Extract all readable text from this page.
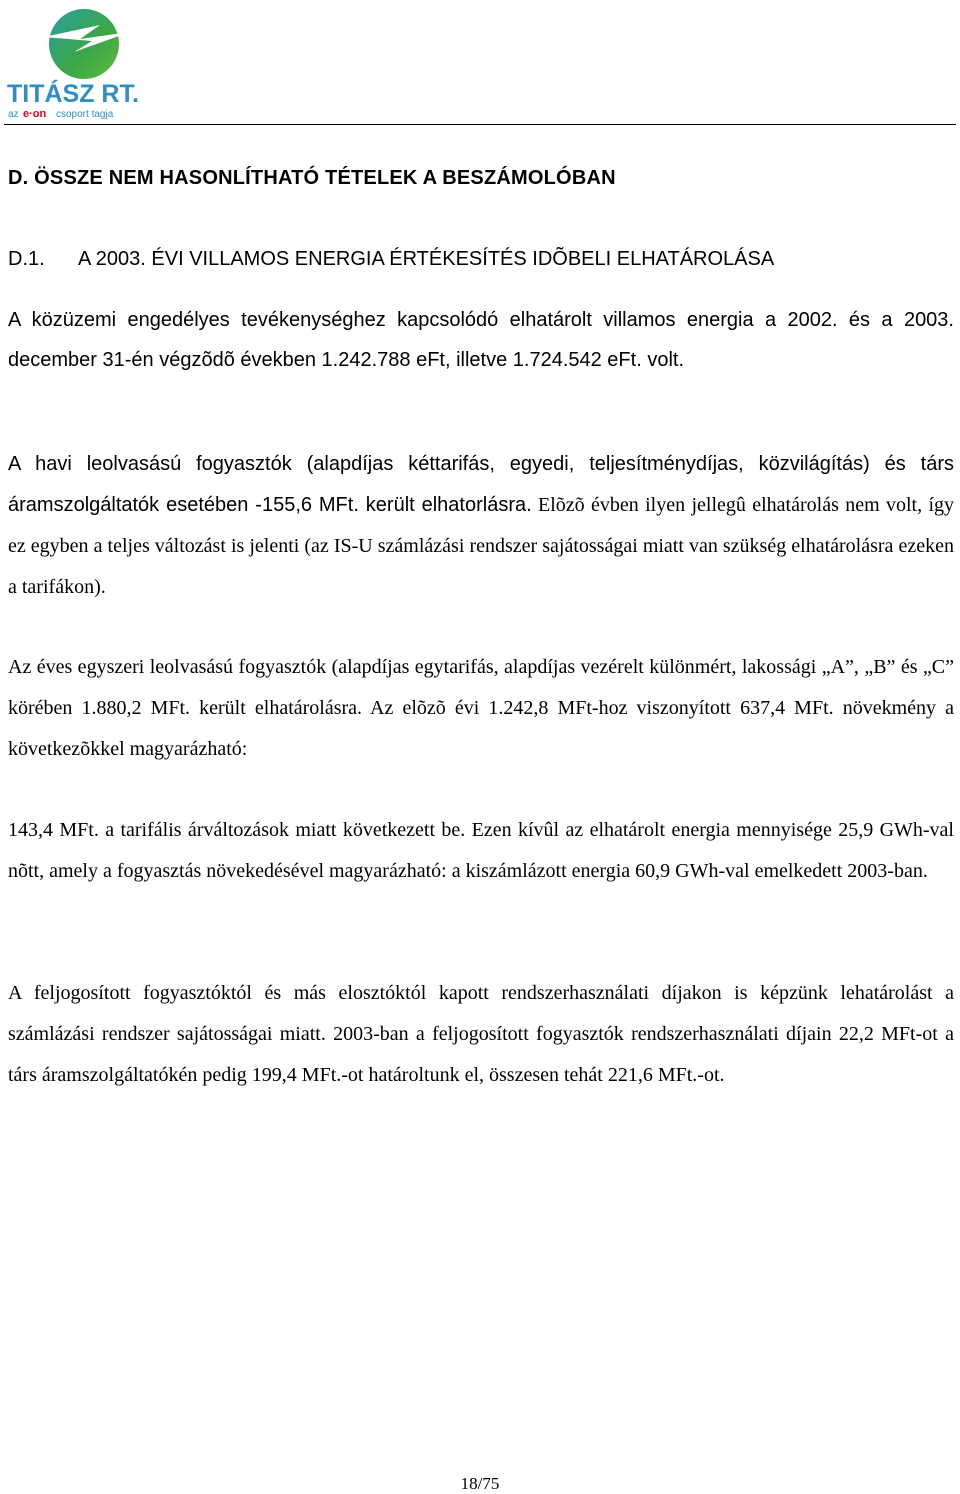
TITÁSZ RT.
az e·on csoport tagja
D. ÖSSZE NEM HASONLÍTHATÓ TÉTELEK A BESZÁMOLÓBAN
D.1. A 2003. ÉVI VILLAMOS ENERGIA ÉRTÉKESÍTÉS IDÕBELI ELHATÁROLÁSA

A közüzemi engedélyes tevékenységhez kapcsolódó elhatárolt villamos energia a 2002. és a 2003. december 31-én végzõdõ években 1.242.788 eFt, illetve 1.724.542 eFt. volt.

A havi leolvasású fogyasztók (alapdíjas kéttarifás, egyedi, teljesítménydíjas, közvilágítás) és társ áramszolgáltatók esetében -155,6 MFt. került elhatorlásra. Elõzõ évben ilyen jellegû elhatárolás nem volt, így ez egyben a teljes változást is jelenti (az IS-U számlázási rendszer sajátosságai miatt van szükség elhatárolásra ezeken a tarifákon).

Az éves egyszeri leolvasású fogyasztók (alapdíjas egytarifás, alapdíjas vezérelt különmért, lakossági „A”, „B” és „C” körében 1.880,2 MFt. került elhatárolásra. Az elõzõ évi 1.242,8 MFt-hoz viszonyított 637,4 MFt. növekmény a következõkkel magyarázható:

143,4 MFt. a tarifális árváltozások miatt következett be. Ezen kívûl az elhatárolt energia mennyisége 25,9 GWh-val nõtt, amely a fogyasztás növekedésével magyarázható: a kiszámlázott energia 60,9 GWh-val emelkedett 2003-ban.

A feljogosított fogyasztóktól és más elosztóktól kapott rendszerhasználati díjakon is képzünk lehatárolást a számlázási rendszer sajátosságai miatt. 2003-ban a feljogosított fogyasztók rendszerhasználati díjain 22,2 MFt-ot a társ áramszolgáltatókén pedig 199,4 MFt.-ot határoltunk el, összesen tehát 221,6 MFt.-ot.

18/75
